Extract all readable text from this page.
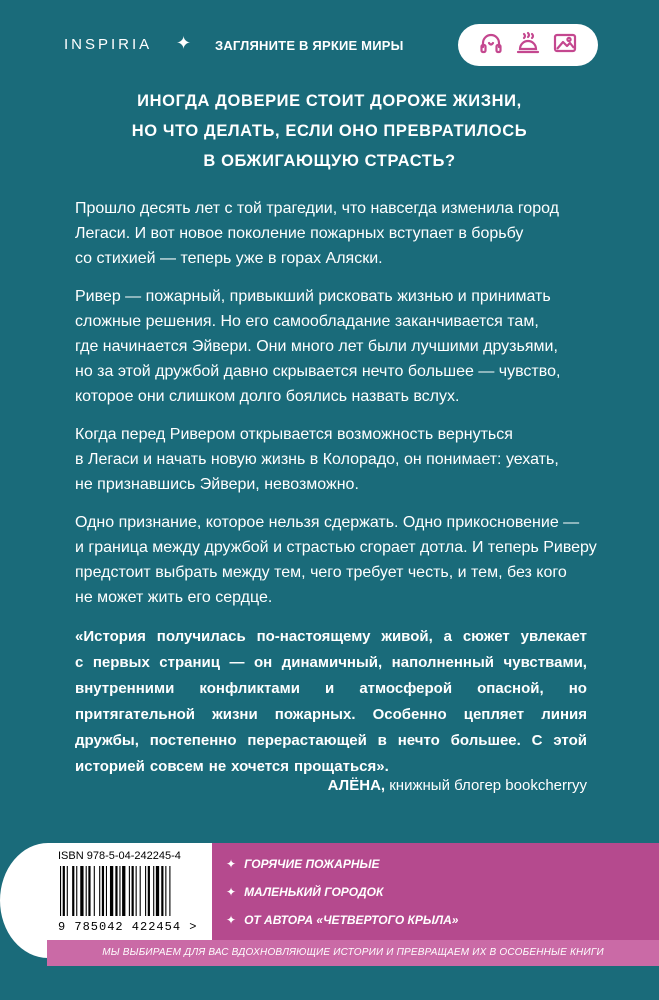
INSPIRIA ✦ ЗАГЛЯНИТЕ В ЯРКИЕ МИРЫ
ИНОГДА ДОВЕРИЕ СТОИТ ДОРОЖЕ ЖИЗНИ,
НО ЧТО ДЕЛАТЬ, ЕСЛИ ОНО ПРЕВРАТИЛОСЬ
В ОБЖИГАЮЩУЮ СТРАСТЬ?

Прошло десять лет с той трагедии, что навсегда изменила город
Легаси. И вот новое поколение пожарных вступает в борьбу
со стихией — теперь уже в горах Аляски.

Ривер — пожарный, привыкший рисковать жизнью и принимать
сложные решения. Но его самообладание заканчивается там,
где начинается Эйвери. Они много лет были лучшими друзьями,
но за этой дружбой давно скрывается нечто большее — чувство,
которое они слишком долго боялись назвать вслух.

Когда перед Ривером открывается возможность вернуться
в Легаси и начать новую жизнь в Колорадо, он понимает: уехать,
не признавшись Эйвери, невозможно.

Одно признание, которое нельзя сдержать. Одно прикосновение —
и граница между дружбой и страстью сгорает дотла. И теперь Риверу
предстоит выбрать между тем, чего требует честь, и тем, без кого
не может жить его сердце.

«История получилась по-настоящему живой, а сюжет увлекает
с первых страниц — он динамичный, наполненный чувствами,
внутренними конфликтами и атмосферой опасной, но
притягательной жизни пожарных. Особенно цепляет линия
дружбы, постепенно перерастающей в нечто большее. С этой
историей совсем не хочется прощаться».
АЛЁНА, книжный блогер bookcherryy
ISBN 978-5-04-242245-4
9 785042 422454 >
✦ ГОРЯЧИЕ ПОЖАРНЫЕ
✦ МАЛЕНЬКИЙ ГОРОДОК
✦ ОТ АВТОРА «ЧЕТВЕРТОГО КРЫЛА»
МЫ ВЫБИРАЕМ ДЛЯ ВАС ВДОХНОВЛЯЮЩИЕ ИСТОРИИ И ПРЕВРАЩАЕМ ИХ В ОСОБЕННЫЕ КНИГИ
